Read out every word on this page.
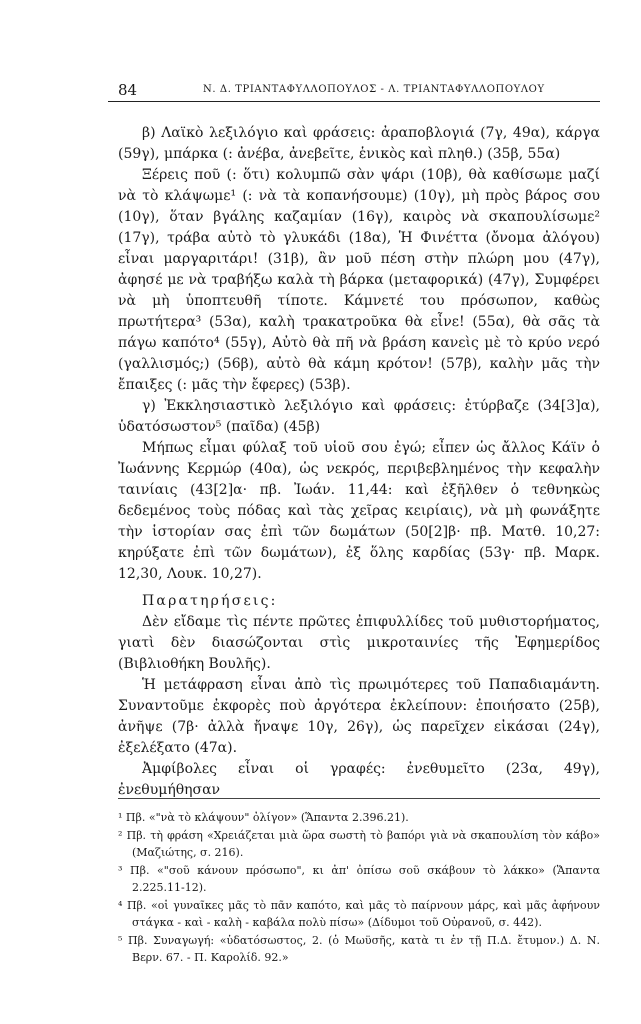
84	Ν. Δ. ΤΡΙΑΝΤΑΦΥΛΛΟΠΟΥΛΟΣ - Λ. ΤΡΙΑΝΤΑΦΥΛΛΟΠΟΥΛΟΥ

β) Λαϊκὸ λεξιλόγιο καὶ φράσεις: ἀραποβλογιά (7γ, 49α), κάργα (59γ), μπάρκα (: ἀνέβα, ἀνεβεῖτε, ἑνικὸς καὶ πληθ.) (35β, 55α)

Ξέρεις ποῦ (: ὅτι) κολυμπῶ σὰν ψάρι (10β), θὰ καθίσωμε μαζί νὰ τὸ κλάψωμε¹ (: νὰ τὰ κοπανήσουμε) (10γ), μὴ πρὸς βάρος σου (10γ), ὅταν βγάλης καζαμίαν (16γ), καιρὸς νὰ σκαπουλίσωμε² (17γ), τράβα αὐτὸ τὸ γλυκάδι (18α), Ἡ Φινέττα (ὄνομα ἀλόγου) εἶναι μαργαριτάρι! (31β), ἂν μοῦ πέση στὴν πλώρη μου (47γ), ἀφησέ με νὰ τραβήξω καλὰ τὴ βάρκα (μεταφορικά) (47γ), Συμφέρει νὰ μὴ ὑποπτευθῆ τίποτε. Κάμνετέ του πρόσωπον, καθὼς πρωτήτερα³ (53α), καλὴ τρακατροῦκα θὰ εἶνε! (55α), θὰ σᾶς τὰ πάγω καπότο⁴ (55γ), Αὐτὸ θὰ πῆ νὰ βράση κανεὶς μὲ τὸ κρύο νερό (γαλλισμός;) (56β), αὐτὸ θὰ κάμη κρότον! (57β), καλὴν μᾶς τὴν ἔπαιξες (: μᾶς τὴν ἔφερες) (53β).

γ) Ἐκκλησιαστικὸ λεξιλόγιο καὶ φράσεις: ἐτύρβαζε (34[3]α), ὑδατόσωστον⁵ (παῖδα) (45β)

Μήπως εἶμαι φύλαξ τοῦ υἱοῦ σου ἐγώ; εἶπεν ὡς ἄλλος Κάϊν ὁ Ἰωάννης Κερμώρ (40α), ὡς νεκρός, περιβεβλημένος τὴν κεφαλὴν ταινίαις (43[2]α· πβ. Ἰωάν. 11,44: καὶ ἐξῆλθεν ὁ τεθνηκὼς δεδεμένος τοὺς πόδας καὶ τὰς χεῖρας κειρίαις), νὰ μὴ φωνάξητε τὴν ἱστορίαν σας ἐπὶ τῶν δωμάτων (50[2]β· πβ. Ματθ. 10,27: κηρύξατε ἐπὶ τῶν δωμάτων), ἐξ ὅλης καρδίας (53γ· πβ. Μαρκ. 12,30, Λουκ. 10,27).

Παρατηρήσεις:

Δὲν εἴδαμε τὶς πέντε πρῶτες ἐπιφυλλίδες τοῦ μυθιστορήματος, γιατὶ δὲν διασώζονται στὶς μικροταινίες τῆς Ἐφημερίδος (Βιβλιοθήκη Βουλῆς).

Ἡ μετάφραση εἶναι ἀπὸ τὶς πρωιμότερες τοῦ Παπαδιαμάντη. Συναντοῦμε ἐκφορὲς ποὺ ἀργότερα ἐκλείπουν: ἐποιήσατο (25β), ἀνῆψε (7β· ἀλλὰ ἤναψε 10γ, 26γ), ὡς παρεῖχεν εἰκάσαι (24γ), ἐξελέξατο (47α).

Ἀμφίβολες εἶναι οἱ γραφές: ἐνεθυμεῖτο (23α, 49γ), ἐνεθυμήθησαν

¹ Πβ. «"νὰ τὸ κλάψουν" ὀλίγον» (Ἅπαντα 2.396.21).

² Πβ. τὴ φράση «Χρειάζεται μιὰ ὥρα σωστὴ τὸ βαπόρι γιὰ νὰ σκαπουλίση τὸν κάβο» (Μαζιώτης, σ. 216).

³ Πβ. «"σοῦ κάνουν πρόσωπο", κι ἀπ' ὀπίσω σοῦ σκάβουν τὸ λάκκο» (Ἅπαντα 2.225.11-12).

⁴ Πβ. «οἱ γυναῖκες μᾶς τὸ πᾶν καπότο, καὶ μᾶς τὸ παίρνουν μάρς, καὶ μᾶς ἀφήνουν στάγκα - καὶ - καλὴ - καβάλα πολὺ πίσω» (Δίδυμοι τοῦ Οὐρανοῦ, σ. 442).

⁵ Πβ. Συναγωγή: «ὑδατόσωστος, 2. (ὁ Μωϋσῆς, κατὰ τι ἐν τῇ Π.Δ. ἔτυμον.) Δ. Ν. Βερν. 67. - Π. Καρολίδ. 92.»
